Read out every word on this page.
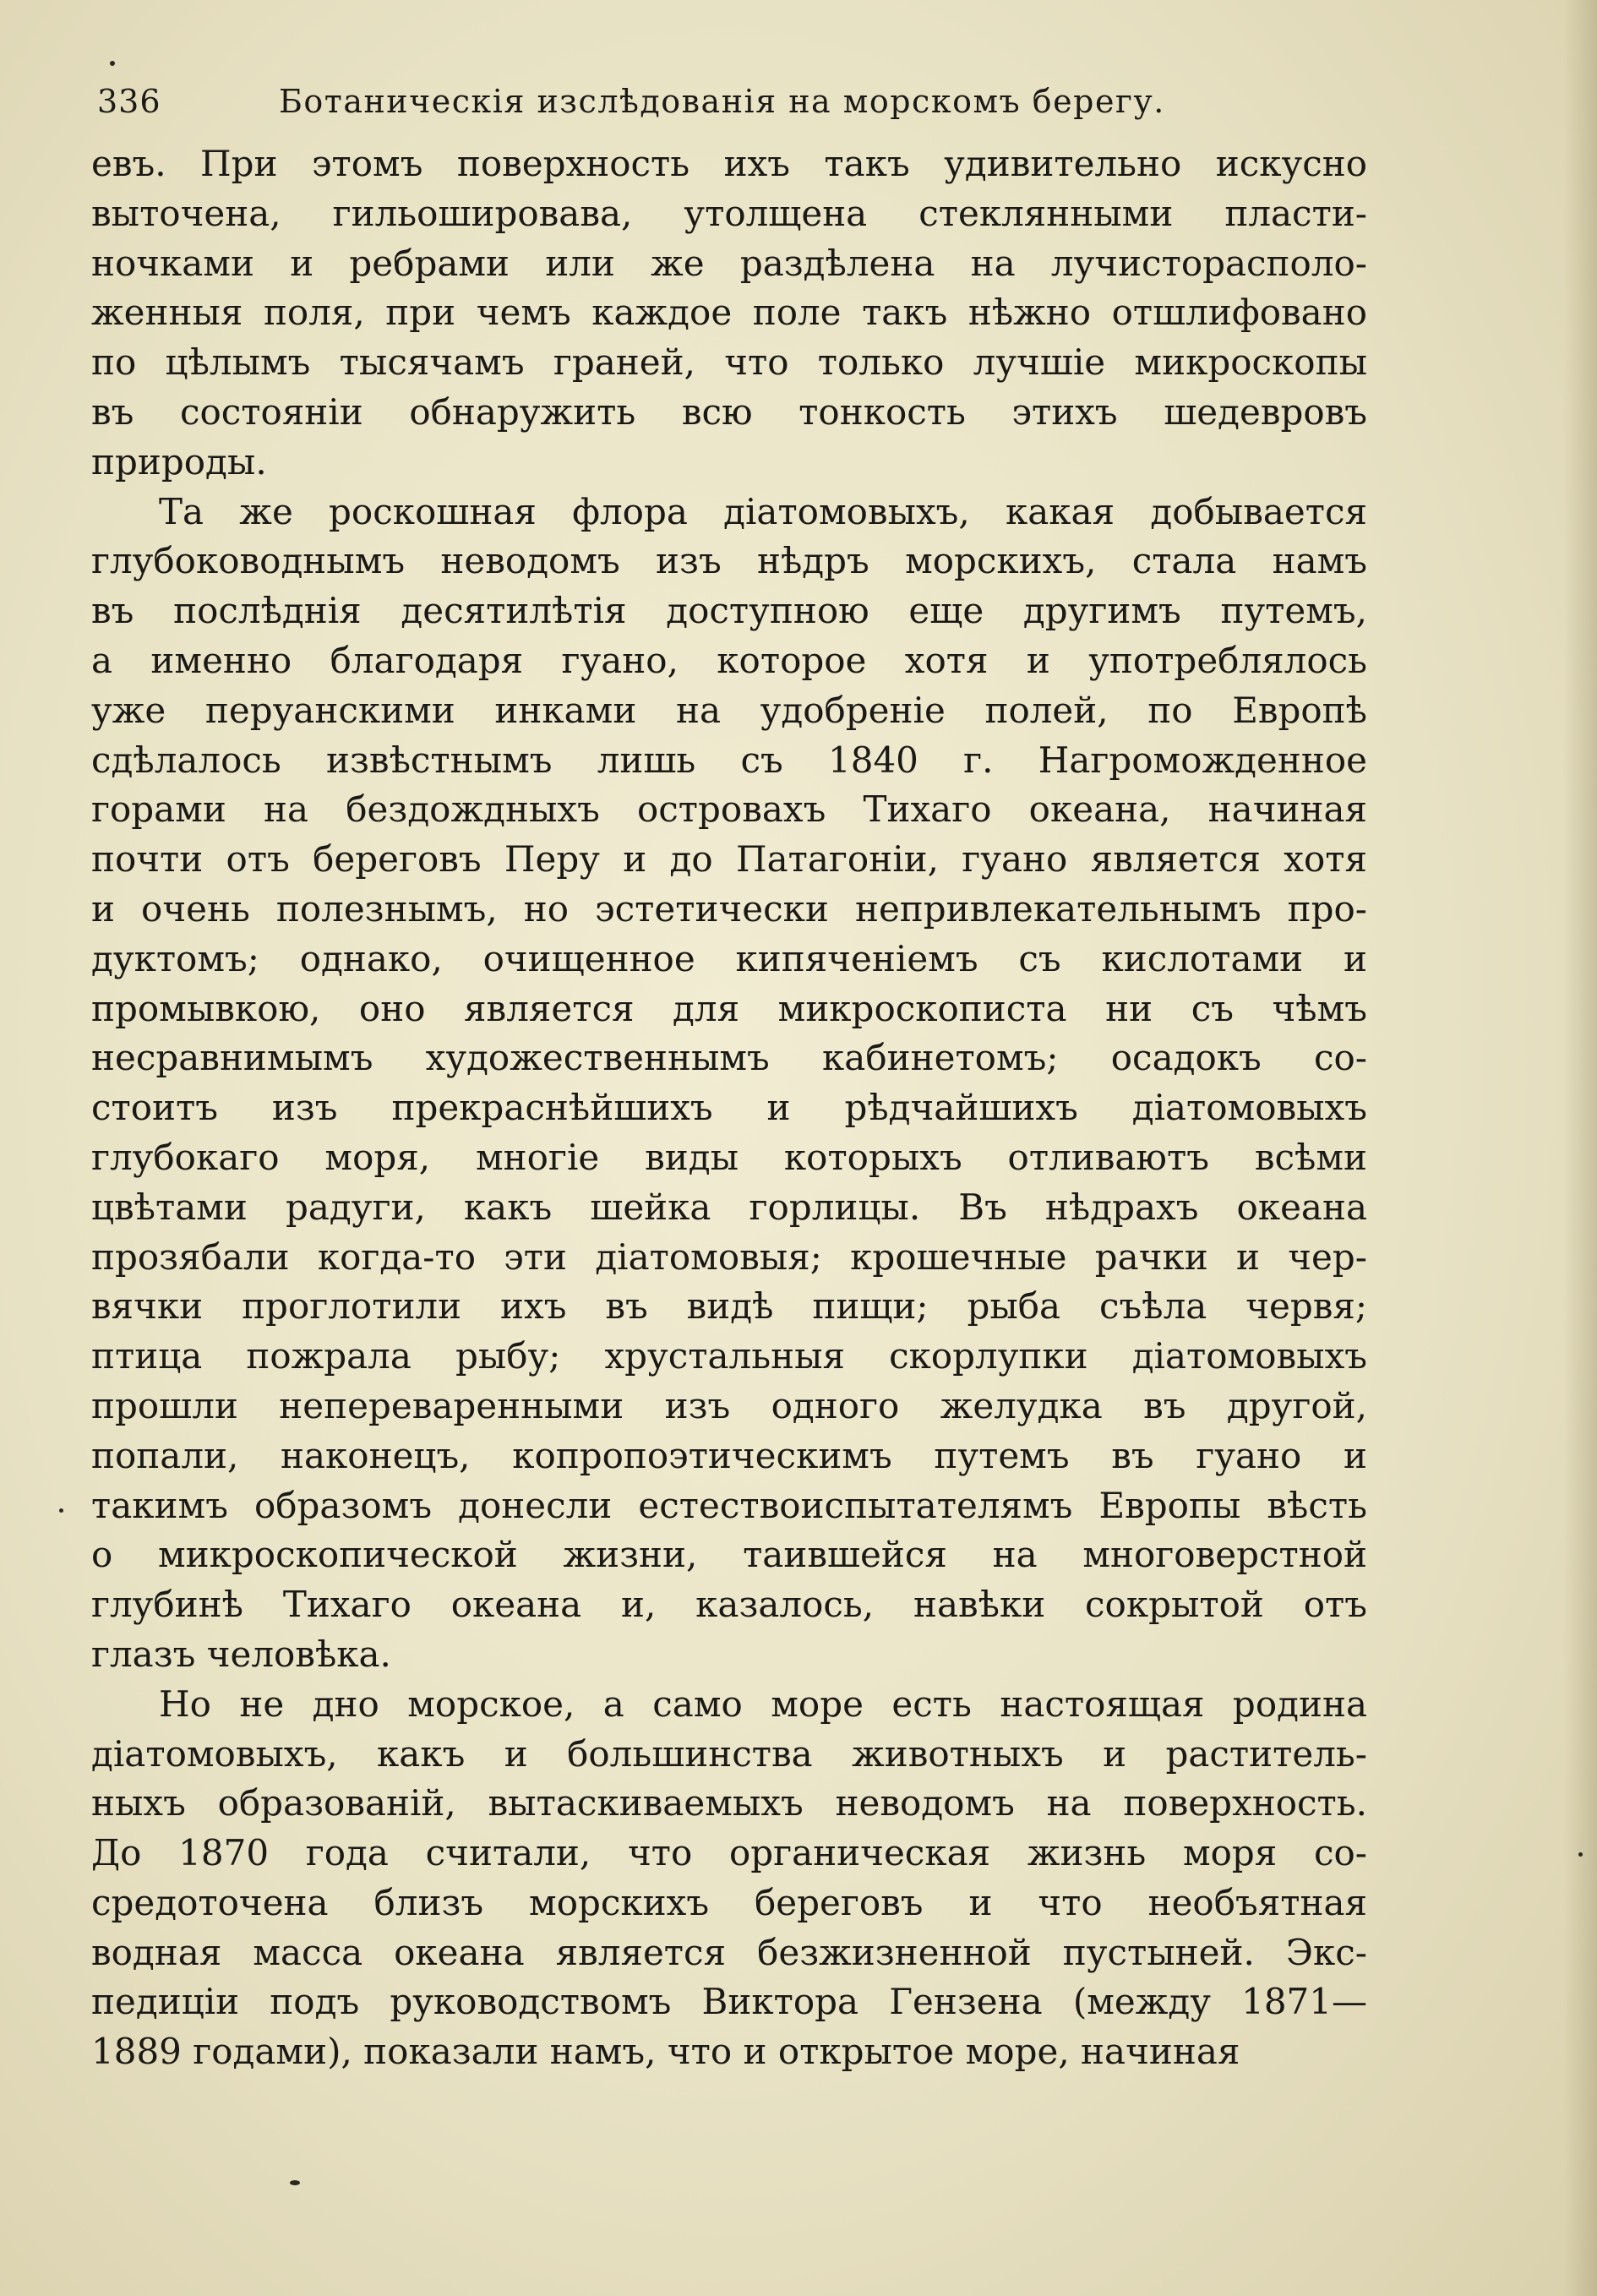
336	Ботаническія изслѣдованія на морскомъ берегу.
евъ. При этомъ поверхность ихъ такъ удивительно искусно
выточена, гильошировава, утолщена стеклянными пласти-
ночками и ребрами или же раздѣлена на лучистораспoло-
женныя поля, при чемъ каждое поле такъ нѣжно отшлифовано
по цѣлымъ тысячамъ граней, что только лучшіе микроскопы
въ состояніи обнаружить всю тонкость этихъ шедевровъ
природы.
Та же роскошная флора діатомовыхъ, какая добывается
глубоководнымъ неводомъ изъ нѣдръ морскихъ, стала намъ
въ послѣднія десятилѣтія доступною еще другимъ путемъ,
а именно благодаря гуано, которое хотя и употреблялось
уже перуанскими инками на удобреніе полей, по Европѣ
сдѣлалось извѣстнымъ лишь съ 1840 г. Нагроможденное
горами на бездождныхъ островахъ Тихаго океана, начиная
почти отъ береговъ Перу и до Патагоніи, гуано является хотя
и очень полезнымъ, но эстетически непривлекательнымъ про-
дуктомъ; однако, очищенное кипяченіемъ съ кислотами и
промывкою, оно является для микроскописта ни съ чѣмъ
несравнимымъ художественнымъ кабинетомъ; осадокъ со-
стоитъ изъ прекраснѣйшихъ и рѣдчайшихъ діатомовыхъ
глубокаго моря, многіе виды которыхъ отливаютъ всѣми
цвѣтами радуги, какъ шейка горлицы. Въ нѣдрахъ океана
прозябали когда-то эти діатомовыя; крошечные рачки и чер-
вячки проглотили ихъ въ видѣ пищи; рыба съѣла червя;
птица пожрала рыбу; хрустальныя скорлупки діатомовыхъ
прошли непереваренными изъ одного желудка въ другой,
попали, наконецъ, копропоэтическимъ путемъ въ гуано и
такимъ образомъ донесли естествоиспытателямъ Европы вѣсть
о микроскопической жизни, таившейся на многоверстной
глубинѣ Тихаго океана и, казалось, навѣки сокрытой отъ
глазъ человѣка.
Но не дно морское, а само море есть настоящая родина
діатомовыхъ, какъ и большинства животныхъ и раститель-
ныхъ образованій, вытаскиваемыхъ неводомъ на поверхность.
До 1870 года считали, что органическая жизнь моря со-
средоточена близъ морскихъ береговъ и что необъятная
водная масса океана является безжизненной пустыней. Экс-
педиціи подъ руководствомъ Виктора Гензена (между 1871—
1889 годами), показали намъ, что и открытое море, начиная
